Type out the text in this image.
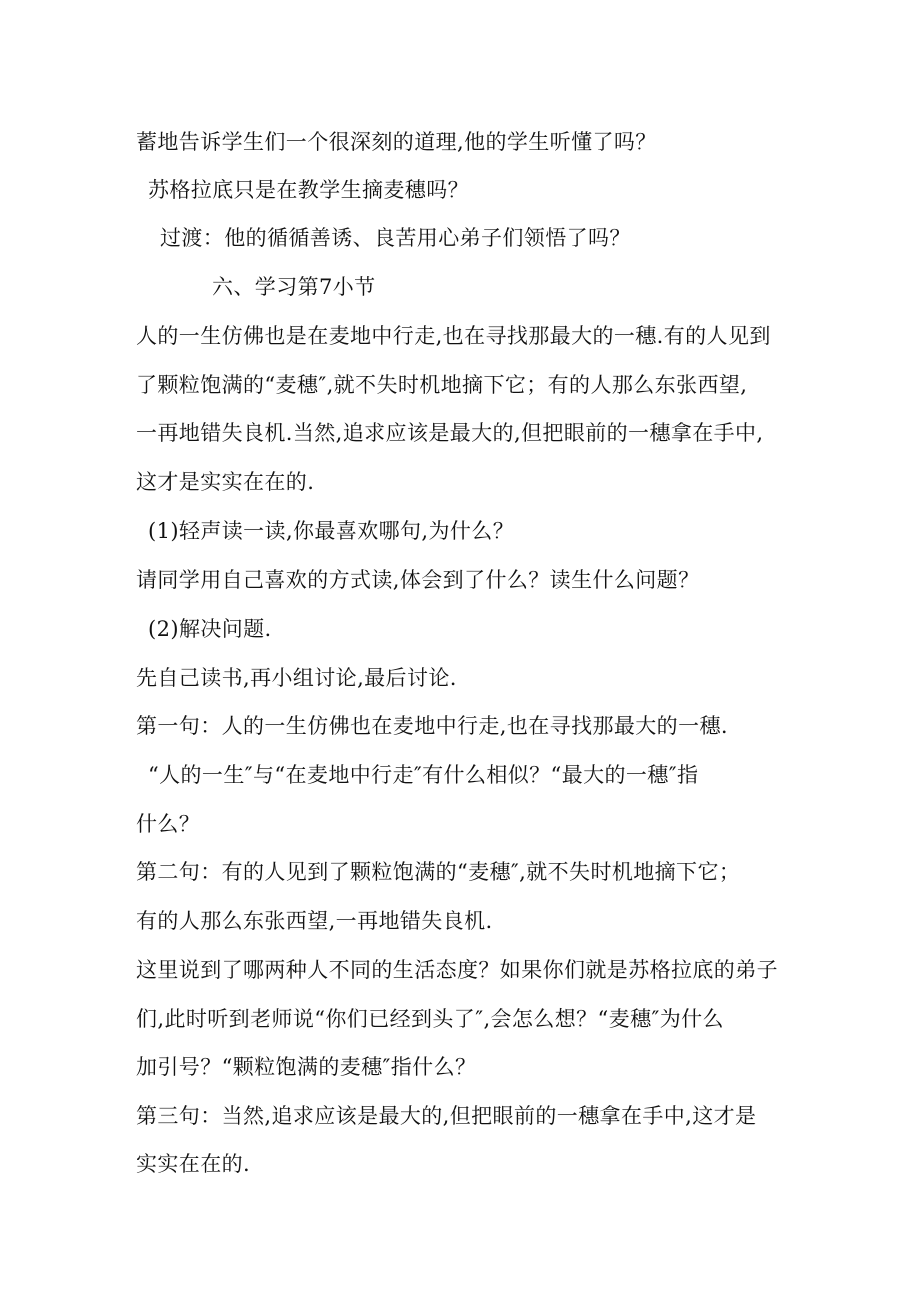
蓄地告诉学生们一个很深刻的道理,他的学生听懂了吗？
苏格拉底只是在教学生摘麦穗吗？
过渡：他的循循善诱、良苦用心弟子们领悟了吗？
六、学习第7小节
人的一生仿佛也是在麦地中行走,也在寻找那最大的一穗.有的人见到
了颗粒饱满的“麦穗″,就不失时机地摘下它；有的人那么东张西望,
一再地错失良机.当然,追求应该是最大的,但把眼前的一穗拿在手中,
这才是实实在在的.
(1)轻声读一读,你最喜欢哪句,为什么？
请同学用自己喜欢的方式读,体会到了什么？读生什么问题？
(2)解决问题.
先自己读书,再小组讨论,最后讨论.
第一句：人的一生仿佛也在麦地中行走,也在寻找那最大的一穗.
“人的一生″与“在麦地中行走″有什么相似？“最大的一穗″指
什么？
第二句：有的人见到了颗粒饱满的“麦穗″,就不失时机地摘下它；
有的人那么东张西望,一再地错失良机.
这里说到了哪两种人不同的生活态度？如果你们就是苏格拉底的弟子
们,此时听到老师说“你们已经到头了″,会怎么想？“麦穗″为什么
加引号？“颗粒饱满的麦穗″指什么？
第三句：当然,追求应该是最大的,但把眼前的一穗拿在手中,这才是
实实在在的.
